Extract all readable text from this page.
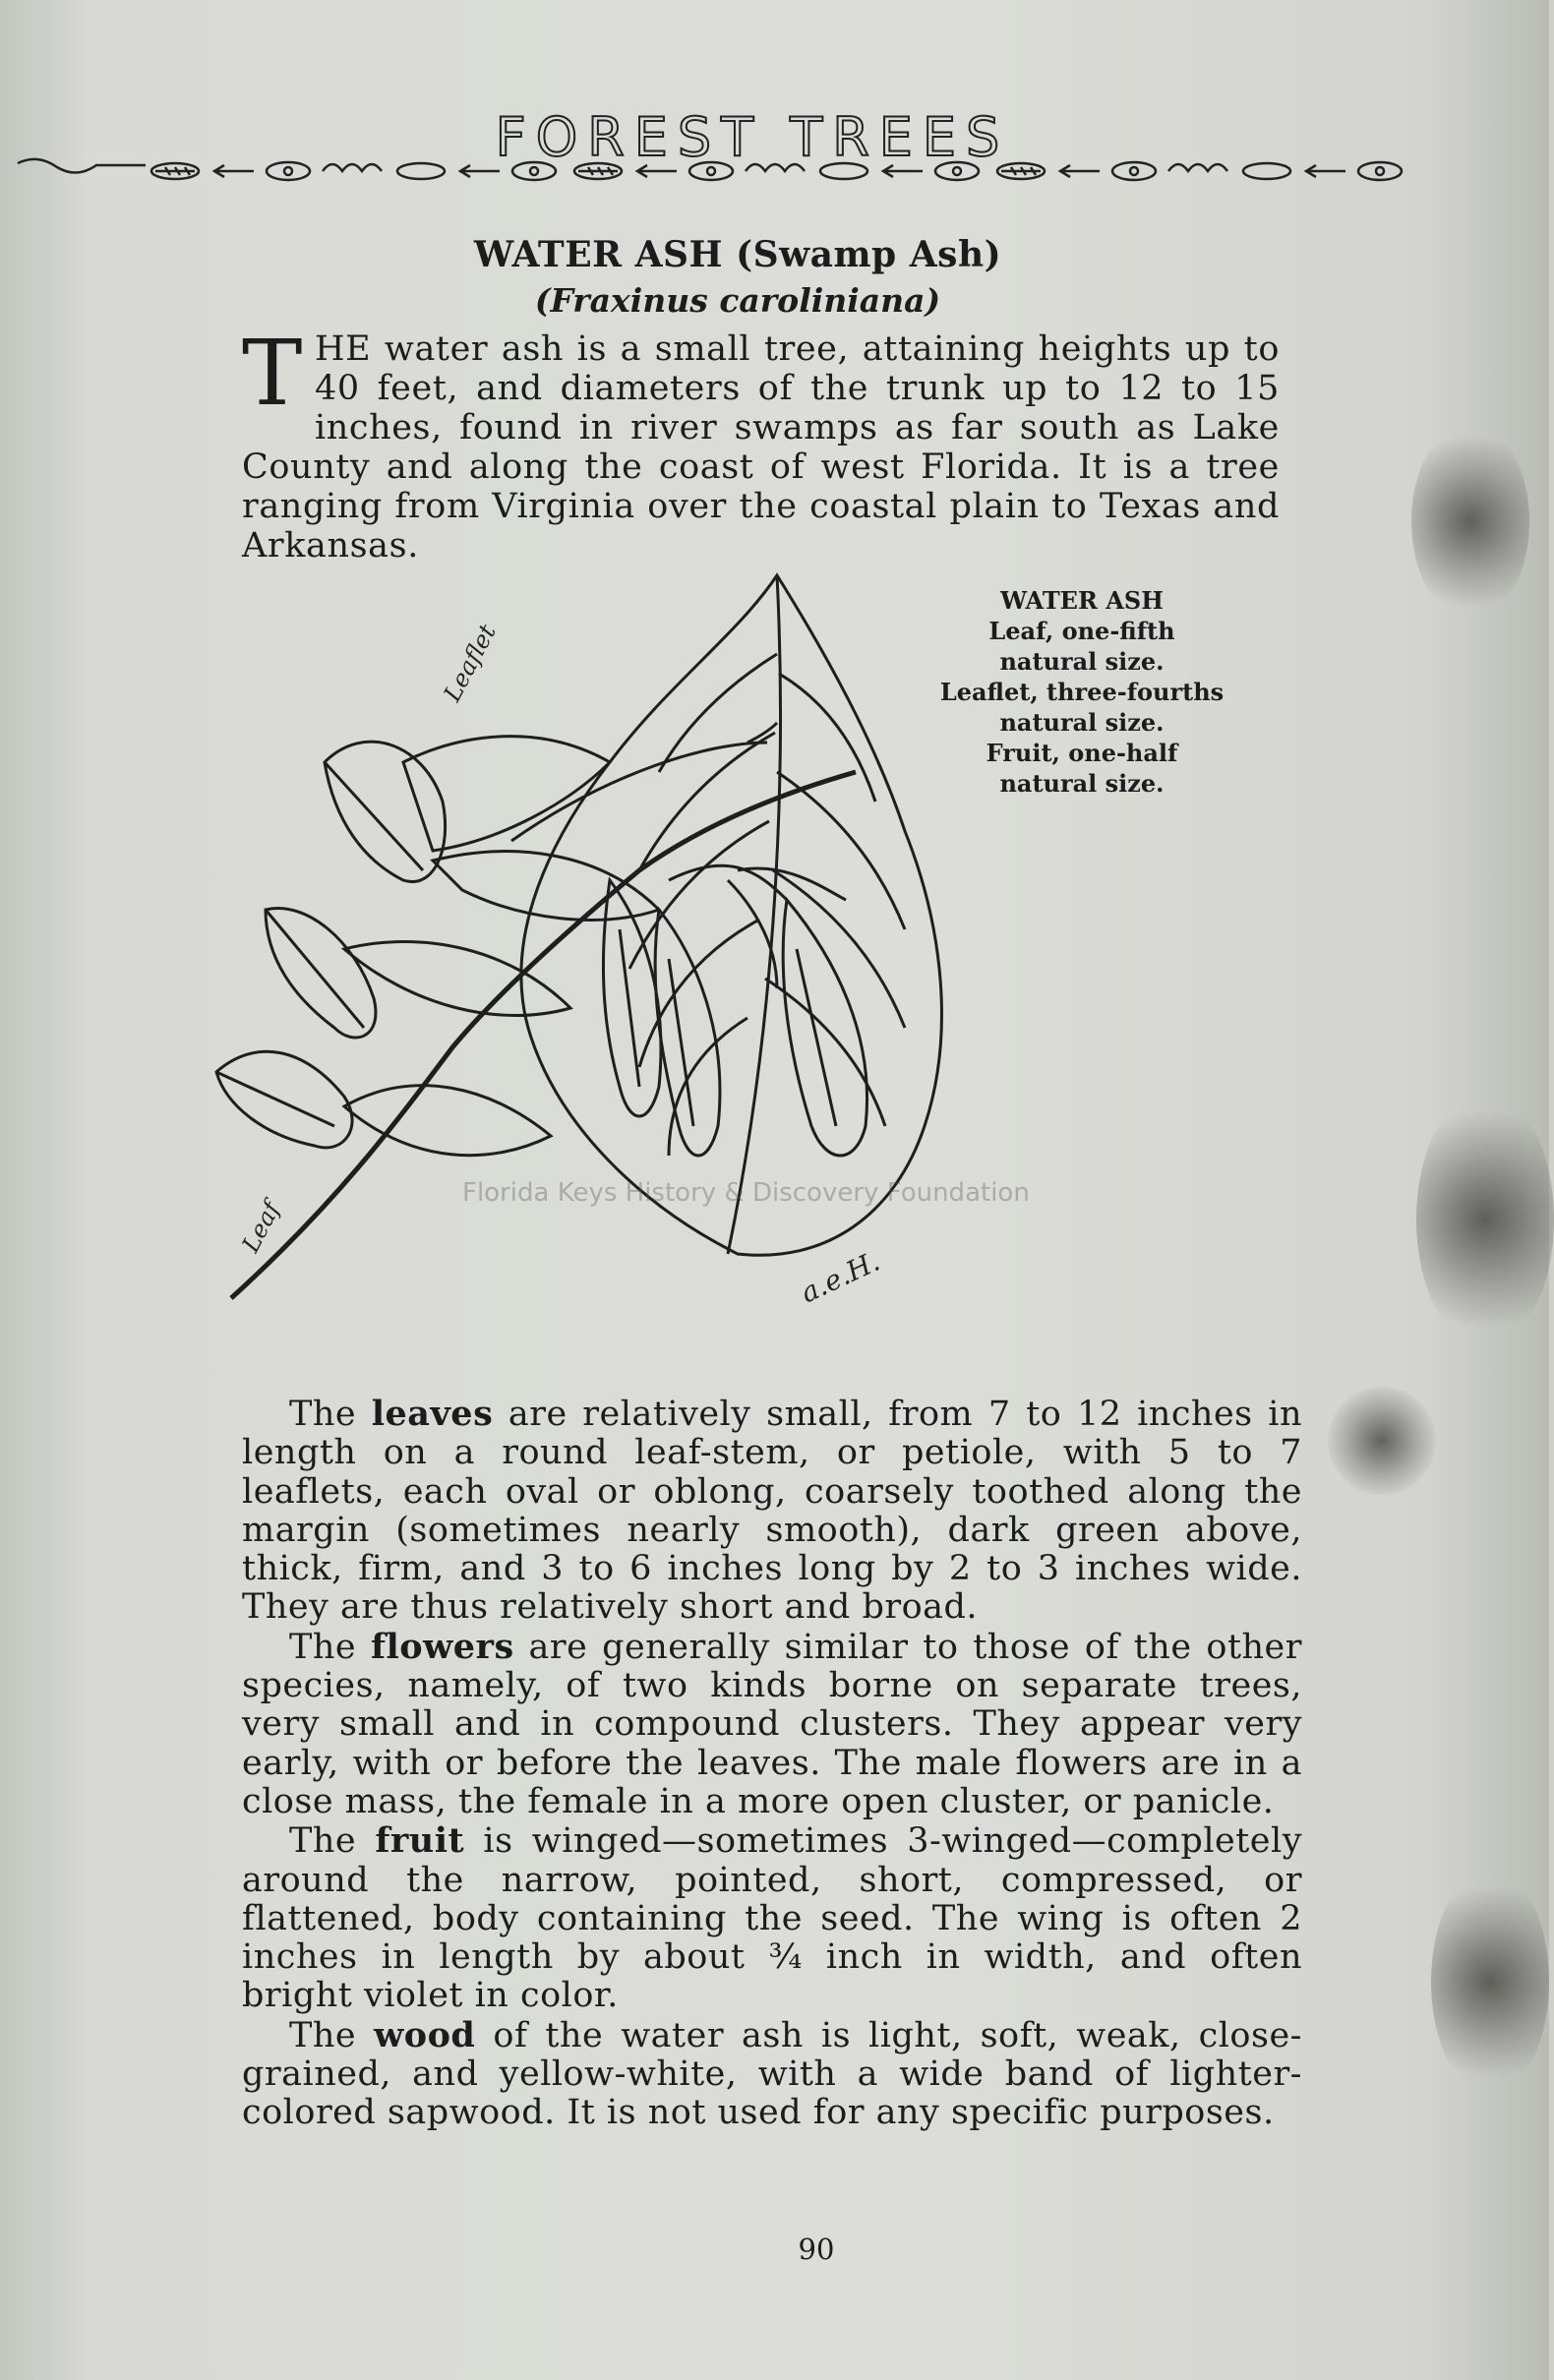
FOREST TREES
WATER ASH (Swamp Ash)
(Fraxinus caroliniana)
THE water ash is a small tree, attaining heights up to 40 feet, and diameters of the trunk up to 12 to 15 inches, found in river swamps as far south as Lake County and along the coast of west Florida. It is a tree ranging from Virginia over the coastal plain to Texas and Arkansas.
Leaflet
Leaf
a.e.H.
WATER ASH
Leaf, one-fifth
natural size.
Leaflet, three-fourths
natural size.
Fruit, one-half
natural size.
Florida Keys History & Discovery Foundation

The leaves are relatively small, from 7 to 12 inches in length on a round leaf-stem, or petiole, with 5 to 7 leaflets, each oval or oblong, coarsely toothed along the margin (sometimes nearly smooth), dark green above, thick, firm, and 3 to 6 inches long by 2 to 3 inches wide. They are thus relatively short and broad.

The flowers are generally similar to those of the other species, namely, of two kinds borne on separate trees, very small and in compound clusters. They appear very early, with or before the leaves. The male flowers are in a close mass, the female in a more open cluster, or panicle.

The fruit is winged—sometimes 3-winged—completely around the narrow, pointed, short, compressed, or flattened, body containing the seed. The wing is often 2 inches in length by about ¾ inch in width, and often bright violet in color.

The wood of the water ash is light, soft, weak, close-grained, and yellow-white, with a wide band of lighter-colored sapwood. It is not used for any specific purposes.

90
